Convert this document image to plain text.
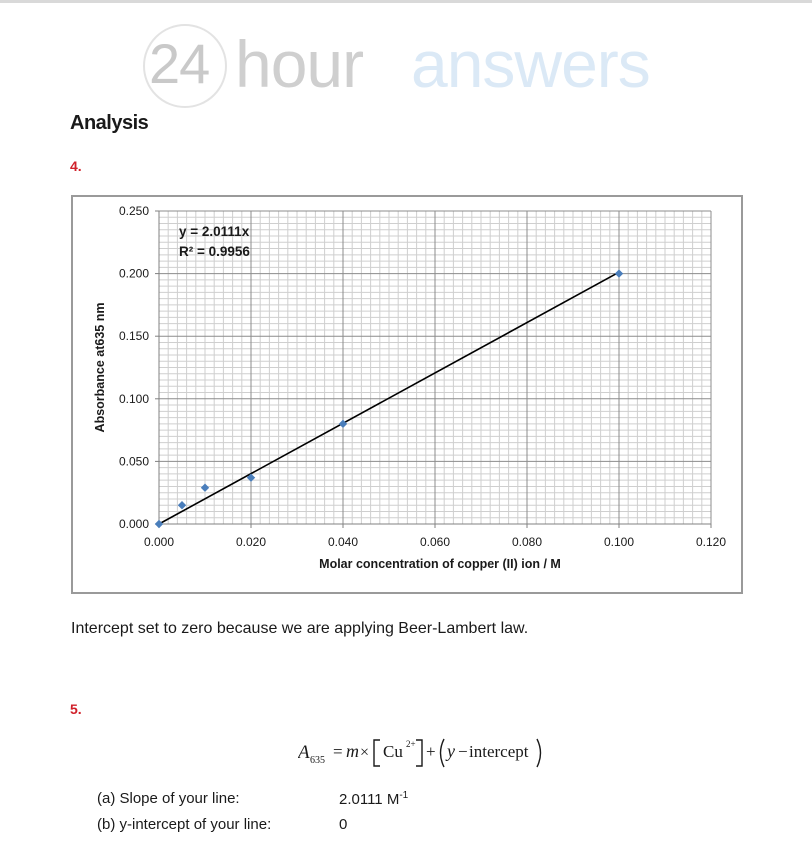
24 hour answers
Analysis
4.
0.000	0.020	0.040	0.060	0.080	0.100	0.120
0.000
0.050
0.100
0.150
0.200
0.250
Molar concentration of copper (II) ion / M
Absorbance at635 nm
y = 2.0111x
R² = 0.9956
Intercept set to zero because we are applying Beer-Lambert law.
5.
A 635 = m × Cu 2+ + y − intercept
(a) Slope of your line:	2.0111 $M^{-1}$
(b) y-intercept of your line:	0
